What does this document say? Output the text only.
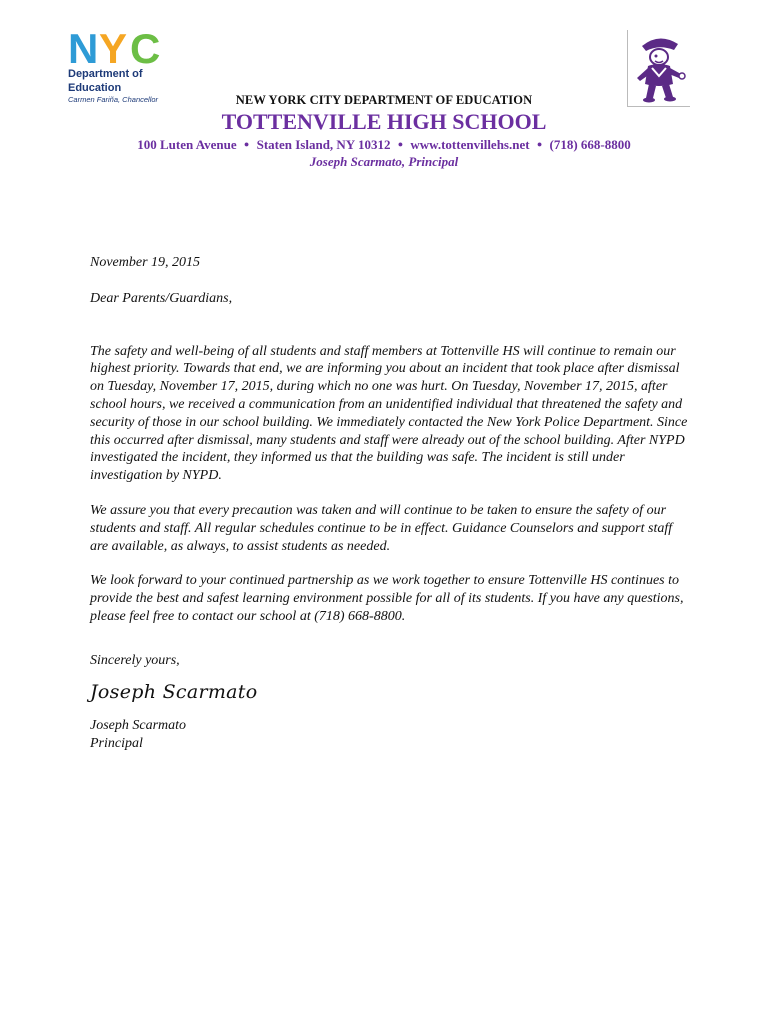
N Y C
Department of
Education
Carmen Fariña, Chancellor	NEW YORK CITY DEPARTMENT OF EDUCATION
TOTTENVILLE HIGH SCHOOL
100 Luten Avenue ● Staten Island, NY 10312 ● www.tottenvillehs.net ● (718) 668-8800
Joseph Scarmato, Principal

November 19, 2015

Dear Parents/Guardians,

The safety and well-being of all students and staff members at Tottenville HS will continue to remain our highest priority. Towards that end, we are informing you about an incident that took place after dismissal on Tuesday, November 17, 2015, during which no one was hurt. On Tuesday, November 17, 2015, after school hours, we received a communication from an unidentified individual that threatened the safety and security of those in our school building. We immediately contacted the New York Police Department. Since this occurred after dismissal, many students and staff were already out of the school building. After NYPD investigated the incident, they informed us that the building was safe. The incident is still under investigation by NYPD.

We assure you that every precaution was taken and will continue to be taken to ensure the safety of our students and staff. All regular schedules continue to be in effect. Guidance Counselors and support staff are available, as always, to assist students as needed.

We look forward to your continued partnership as we work together to ensure Tottenville HS continues to provide the best and safest learning environment possible for all of its students. If you have any questions, please feel free to contact our school at (718) 668-8800.

Sincerely yours,

Joseph Scarmato

Joseph Scarmato

Principal
